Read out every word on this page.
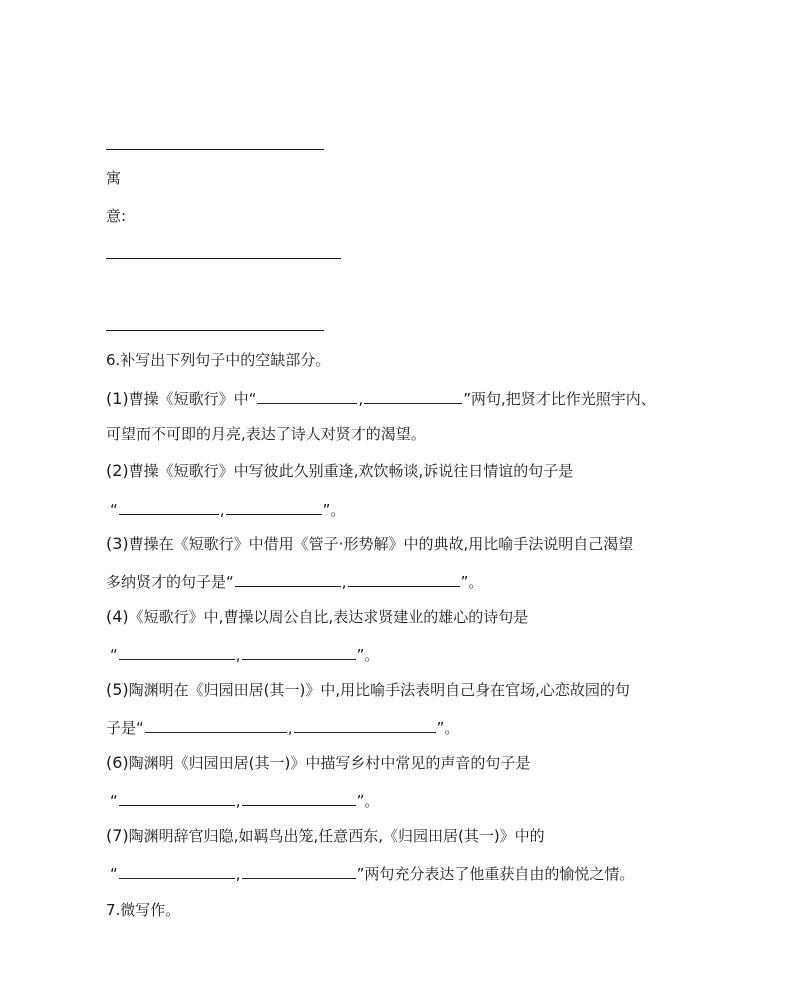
寓
意:
6.补写出下列句子中的空缺部分。
(1)曹操《短歌行》中“	,	”两句,把贤才比作光照宇内、
可望而不可即的月亮,表达了诗人对贤才的渴望。
(2)曹操《短歌行》中写彼此久别重逢,欢饮畅谈,诉说往日情谊的句子是
“	,	”。
(3)曹操在《短歌行》中借用《管子·形势解》中的典故,用比喻手法说明自己渴望
多纳贤才的句子是“	,	”。
(4)《短歌行》中,曹操以周公自比,表达求贤建业的雄心的诗句是
“	,	”。
(5)陶渊明在《归园田居(其一)》中,用比喻手法表明自己身在官场,心恋故园的句
子是“	,	”。
(6)陶渊明《归园田居(其一)》中描写乡村中常见的声音的句子是
“	,	”。
(7)陶渊明辞官归隐,如羁鸟出笼,任意西东,《归园田居(其一)》中的
“	,	”两句充分表达了他重获自由的愉悦之情。
7.微写作。
